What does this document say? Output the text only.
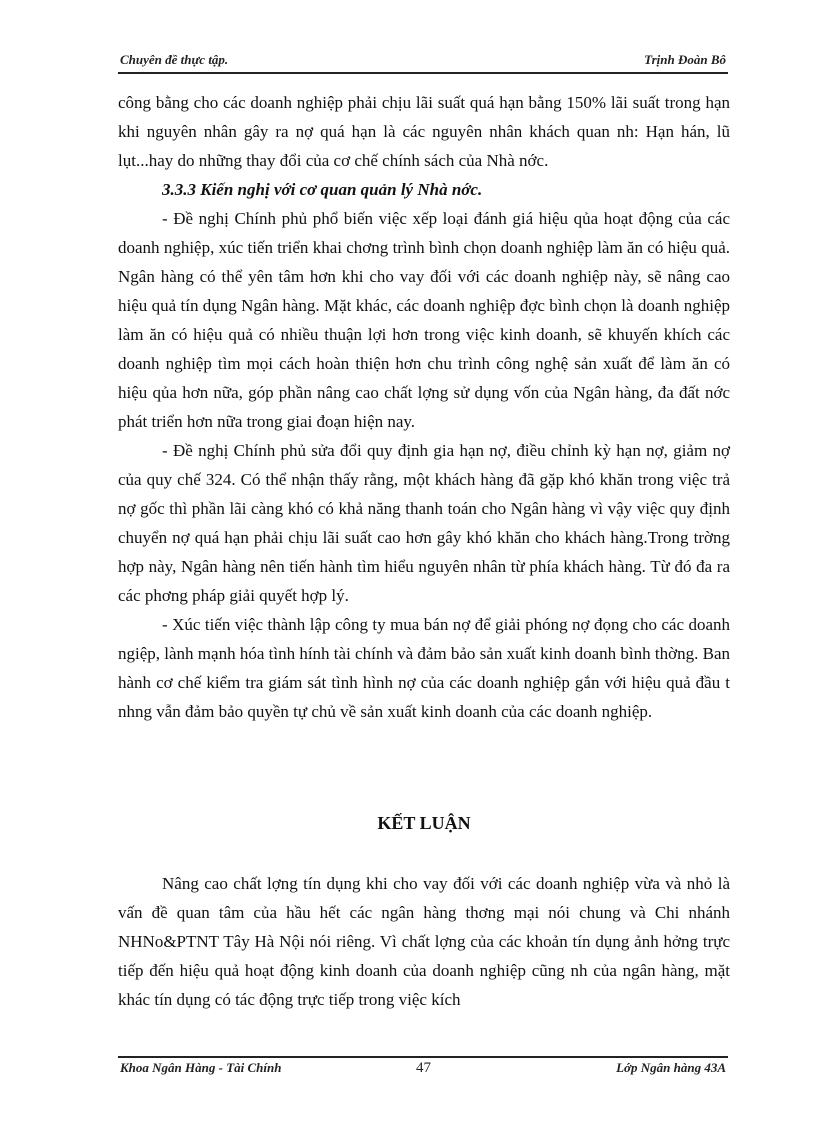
Chuyên đề thực tập.	Trịnh Đoàn Bô

công bằng cho các doanh nghiệp phải chịu lãi suất quá hạn bằng 150% lãi suất trong hạn khi nguyên nhân gây ra nợ quá hạn là các nguyên nhân khách quan nh: Hạn hán, lũ lụt...hay do những thay đổi của cơ chế chính sách của Nhà nớc.

3.3.3 Kiến nghị với cơ quan quản lý Nhà nớc.

- Đề nghị Chính phủ phổ biến việc xếp loại đánh giá hiệu qủa hoạt động của các doanh nghiệp, xúc tiến triển khai chơng trình bình chọn doanh nghiệp làm ăn có hiệu quả. Ngân hàng có thể yên tâm hơn khi cho vay đối với các doanh nghiệp này, sẽ nâng cao hiệu quả tín dụng Ngân hàng. Mặt khác, các doanh nghiệp đợc bình chọn là doanh nghiệp làm ăn có hiệu quả có nhiều thuận lợi hơn trong việc kinh doanh, sẽ khuyến khích các doanh nghiệp tìm mọi cách hoàn thiện hơn chu trình công nghệ sản xuất để làm ăn có hiệu qủa hơn nữa, góp phần nâng cao chất lợng sử dụng vốn của Ngân hàng, đa đất nớc phát triển hơn nữa trong giai đoạn hiện nay.

- Đề nghị Chính phủ sửa đổi quy định gia hạn nợ, điều chỉnh kỳ hạn nợ, giảm nợ của quy chế 324. Có thể nhận thấy rằng, một khách hàng đã gặp khó khăn trong việc trả nợ gốc thì phần lãi càng khó có khả năng thanh toán cho Ngân hàng vì vậy việc quy định chuyển nợ quá hạn phải chịu lãi suất cao hơn gây khó khăn cho khách hàng.Trong trờng hợp này, Ngân hàng nên tiến hành tìm hiểu nguyên nhân từ phía khách hàng. Từ đó đa ra các phơng pháp giải quyết hợp lý.

- Xúc tiến việc thành lập công ty mua bán nợ để giải phóng nợ đọng cho các doanh ngiệp, lành mạnh hóa tình hính tài chính và đảm bảo sản xuất kinh doanh bình thờng. Ban hành cơ chế kiểm tra giám sát tình hình nợ của các doanh nghiệp gắn với hiệu quả đầu t nhng vẫn đảm bảo quyền tự chủ về sản xuất kinh doanh của các doanh nghiệp.

KẾT LUẬN

Nâng cao chất lợng tín dụng khi cho vay đối với các doanh nghiệp vừa và nhỏ là vấn đề quan tâm của hầu hết các ngân hàng thơng mại nói chung và Chi nhánh NHNo&PTNT Tây Hà Nội nói riêng. Vì chất lợng của các khoản tín dụng ảnh hởng trực tiếp đến hiệu quả hoạt động kinh doanh của doanh nghiệp cũng nh của ngân hàng, mặt khác tín dụng có tác động trực tiếp trong việc kích

Khoa Ngân Hàng - Tài Chính	47	Lớp Ngân hàng 43A
